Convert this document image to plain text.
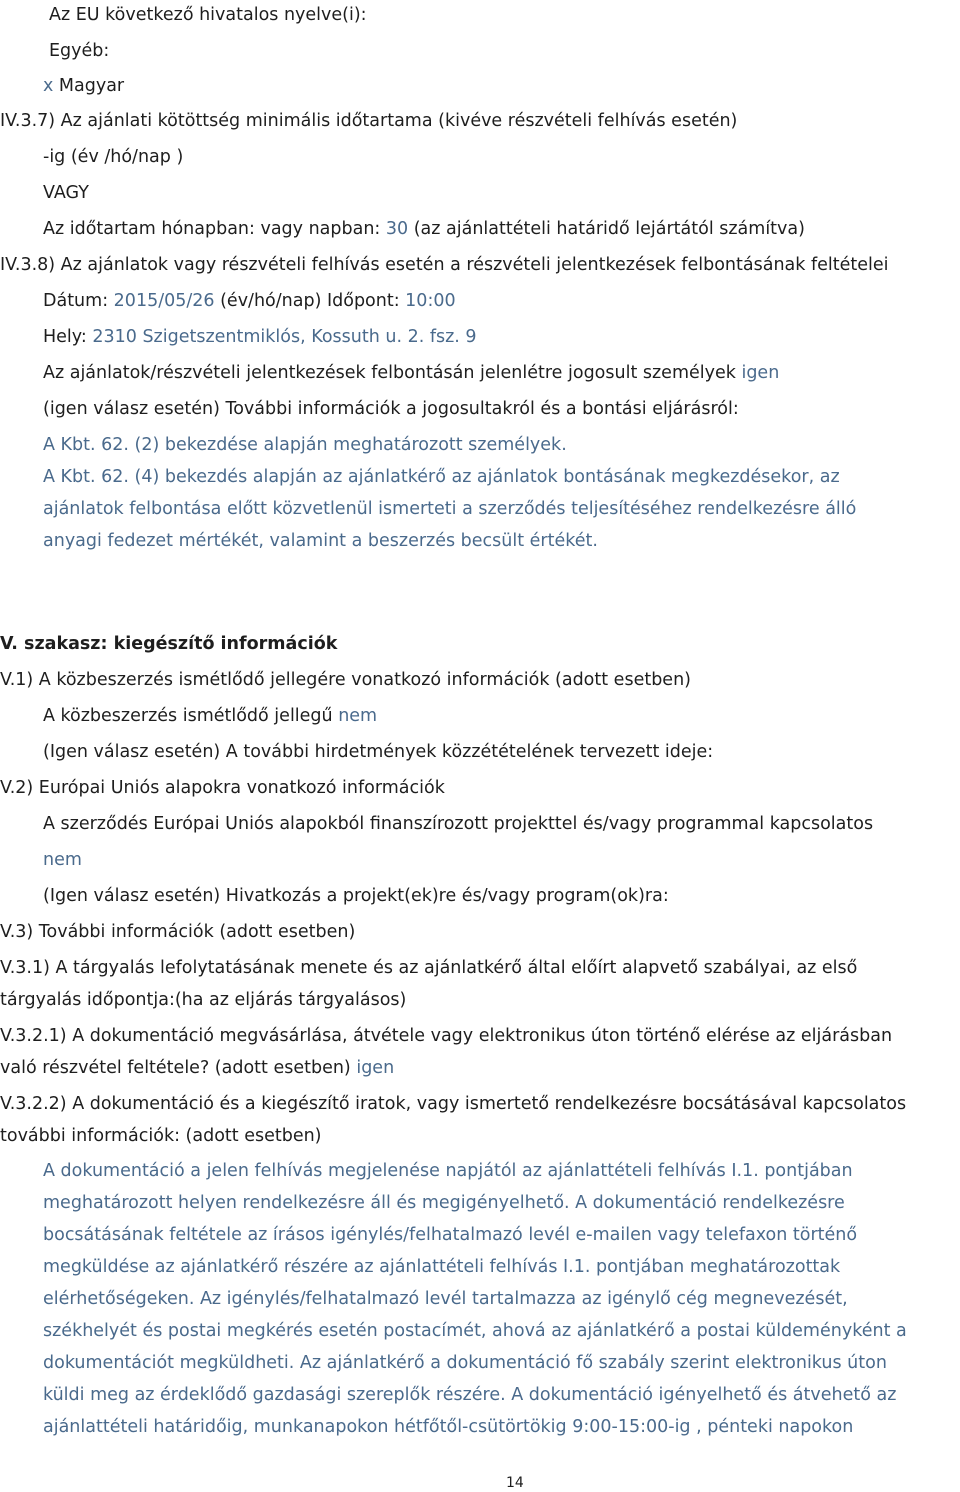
Az EU következő hivatalos nyelve(i):
Egyéb:
x Magyar
IV.3.7) Az ajánlati kötöttség minimális időtartama (kivéve részvételi felhívás esetén)
-ig (év /hó/nap )
VAGY
Az időtartam hónapban: vagy napban: 30 (az ajánlattételi határidő lejártától számítva)
IV.3.8) Az ajánlatok vagy részvételi felhívás esetén a részvételi jelentkezések felbontásának feltételei
Dátum: 2015/05/26 (év/hó/nap) Időpont: 10:00
Hely: 2310 Szigetszentmiklós, Kossuth u. 2. fsz. 9
Az ajánlatok/részvételi jelentkezések felbontásán jelenlétre jogosult személyek igen
(igen válasz esetén) További információk a jogosultakról és a bontási eljárásról:
A Kbt. 62. (2) bekezdése alapján meghatározott személyek.
A Kbt. 62. (4) bekezdés alapján az ajánlatkérő az ajánlatok bontásának megkezdésekor, az
ajánlatok felbontása előtt közvetlenül ismerteti a szerződés teljesítéséhez rendelkezésre álló
anyagi fedezet mértékét, valamint a beszerzés becsült értékét.
V. szakasz: kiegészítő információk
V.1) A közbeszerzés ismétlődő jellegére vonatkozó információk (adott esetben)
A közbeszerzés ismétlődő jellegű nem
(Igen válasz esetén) A további hirdetmények közzétételének tervezett ideje:
V.2) Európai Uniós alapokra vonatkozó információk
A szerződés Európai Uniós alapokból finanszírozott projekttel és/vagy programmal kapcsolatos
nem
(Igen válasz esetén) Hivatkozás a projekt(ek)re és/vagy program(ok)ra:
V.3) További információk (adott esetben)
V.3.1) A tárgyalás lefolytatásának menete és az ajánlatkérő által előírt alapvető szabályai, az első
tárgyalás időpontja:(ha az eljárás tárgyalásos)
V.3.2.1) A dokumentáció megvásárlása, átvétele vagy elektronikus úton történő elérése az eljárásban
való részvétel feltétele? (adott esetben) igen
V.3.2.2) A dokumentáció és a kiegészítő iratok, vagy ismertető rendelkezésre bocsátásával kapcsolatos
további információk: (adott esetben)
A dokumentáció a jelen felhívás megjelenése napjától az ajánlattételi felhívás I.1. pontjában
meghatározott helyen rendelkezésre áll és megigényelhető. A dokumentáció rendelkezésre
bocsátásának feltétele az írásos igénylés/felhatalmazó levél e-mailen vagy telefaxon történő
megküldése az ajánlatkérő részére az ajánlattételi felhívás I.1. pontjában meghatározottak
elérhetőségeken. Az igénylés/felhatalmazó levél tartalmazza az igénylő cég megnevezését,
székhelyét és postai megkérés esetén postacímét, ahová az ajánlatkérő a postai küldeményként a
dokumentációt megküldheti. Az ajánlatkérő a dokumentáció fő szabály szerint elektronikus úton
küldi meg az érdeklődő gazdasági szereplők részére. A dokumentáció igényelhető és átvehető az
ajánlattételi határidőig, munkanapokon hétfőtől-csütörtökig 9:00-15:00-ig , pénteki napokon
14
